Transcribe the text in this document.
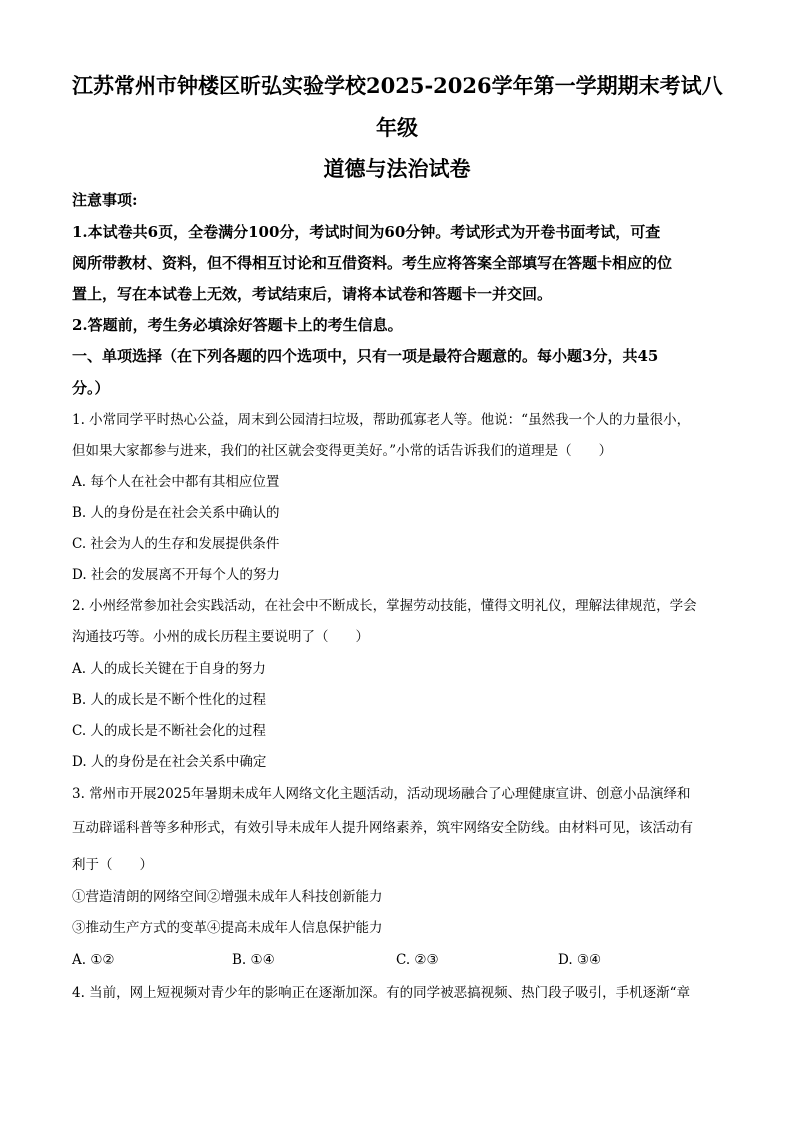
江苏常州市钟楼区昕弘实验学校2025-2026学年第一学期期末考试八
年级
道德与法治试卷
注意事项:
1.本试卷共6页，全卷满分100分，考试时间为60分钟。考试形式为开卷书面考试，可查
阅所带教材、资料，但不得相互讨论和互借资料。考生应将答案全部填写在答题卡相应的位
置上，写在本试卷上无效，考试结束后，请将本试卷和答题卡一并交回。
2.答题前，考生务必填涂好答题卡上的考生信息。
一、单项选择（在下列各题的四个选项中，只有一项是最符合题意的。每小题3分，共45
分。）
1. 小常同学平时热心公益，周末到公园清扫垃圾，帮助孤寡老人等。他说：“虽然我一个人的力量很小，
但如果大家都参与进来，我们的社区就会变得更美好。”小常的话告诉我们的道理是（　　）
A. 每个人在社会中都有其相应位置
B. 人的身份是在社会关系中确认的
C. 社会为人的生存和发展提供条件
D. 社会的发展离不开每个人的努力
2. 小州经常参加社会实践活动，在社会中不断成长，掌握劳动技能，懂得文明礼仪，理解法律规范，学会
沟通技巧等。小州的成长历程主要说明了（　　）
A. 人的成长关键在于自身的努力
B. 人的成长是不断个性化的过程
C. 人的成长是不断社会化的过程
D. 人的身份是在社会关系中确定
3. 常州市开展2025年暑期未成年人网络文化主题活动，活动现场融合了心理健康宣讲、创意小品演绎和
互动辟谣科普等多种形式，有效引导未成年人提升网络素养，筑牢网络安全防线。由材料可见，该活动有
利于（　　）
①营造清朗的网络空间②增强未成年人科技创新能力
③推动生产方式的变革④提高未成年人信息保护能力
A. ①②	B. ①④	C. ②③	D. ③④
4. 当前，网上短视频对青少年的影响正在逐渐加深。有的同学被恶搞视频、热门段子吸引，手机逐渐“章
